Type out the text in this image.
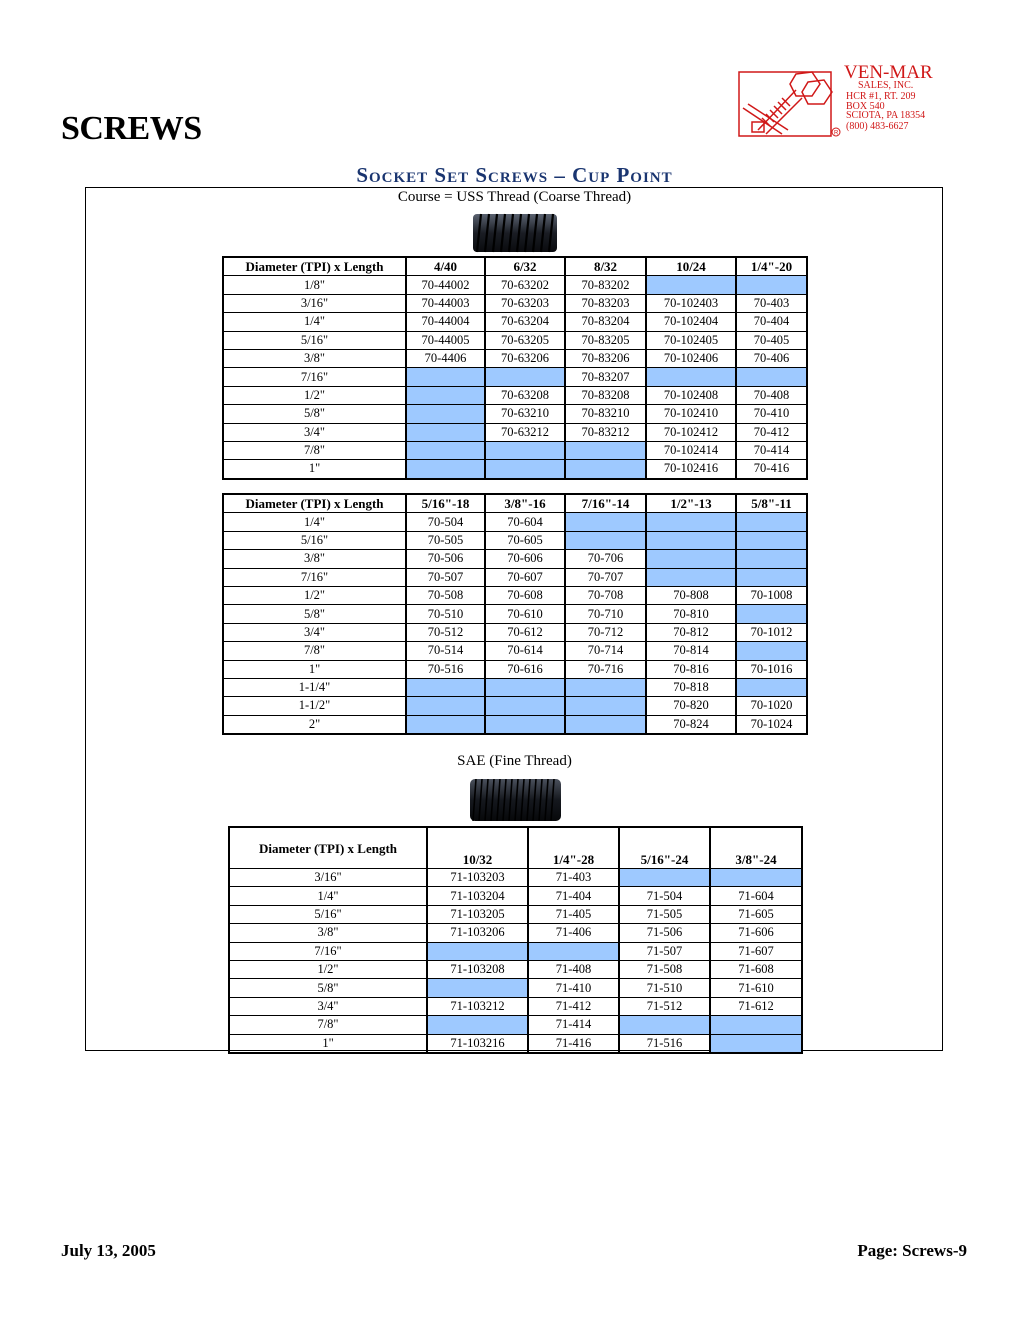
SCREWS	R
VEN-MAR
SALES, INC.
HCR #1, RT. 209
BOX 540
SCIOTA, PA 18354
(800) 483-6627
Socket Set Screws – Cup Point
Course = USS Thread (Coarse Thread)
Diameter (TPI) x Length	4/40	6/32	8/32	10/24	1/4"-20
1/8"	70-44002	70-63202	70-83202		
3/16"	70-44003	70-63203	70-83203	70-102403	70-403
1/4"	70-44004	70-63204	70-83204	70-102404	70-404
5/16"	70-44005	70-63205	70-83205	70-102405	70-405
3/8"	70-4406	70-63206	70-83206	70-102406	70-406
7/16"			70-83207		
1/2"		70-63208	70-83208	70-102408	70-408
5/8"		70-63210	70-83210	70-102410	70-410
3/4"		70-63212	70-83212	70-102412	70-412
7/8"				70-102414	70-414
1"				70-102416	70-416
Diameter (TPI) x Length	5/16"-18	3/8"-16	7/16"-14	1/2"-13	5/8"-11
1/4"	70-504	70-604			
5/16"	70-505	70-605			
3/8"	70-506	70-606	70-706		
7/16"	70-507	70-607	70-707		
1/2"	70-508	70-608	70-708	70-808	70-1008
5/8"	70-510	70-610	70-710	70-810	
3/4"	70-512	70-612	70-712	70-812	70-1012
7/8"	70-514	70-614	70-714	70-814	
1"	70-516	70-616	70-716	70-816	70-1016
1-1/4"				70-818	
1-1/2"				70-820	70-1020
2"				70-824	70-1024
SAE (Fine Thread)
Diameter (TPI) x Length	10/32	1/4"-28	5/16"-24	3/8"-24
3/16"	71-103203	71-403		
1/4"	71-103204	71-404	71-504	71-604
5/16"	71-103205	71-405	71-505	71-605
3/8"	71-103206	71-406	71-506	71-606
7/16"			71-507	71-607
1/2"	71-103208	71-408	71-508	71-608
5/8"		71-410	71-510	71-610
3/4"	71-103212	71-412	71-512	71-612
7/8"		71-414		
1"	71-103216	71-416	71-516	
July 13, 2005	Page: Screws-9
